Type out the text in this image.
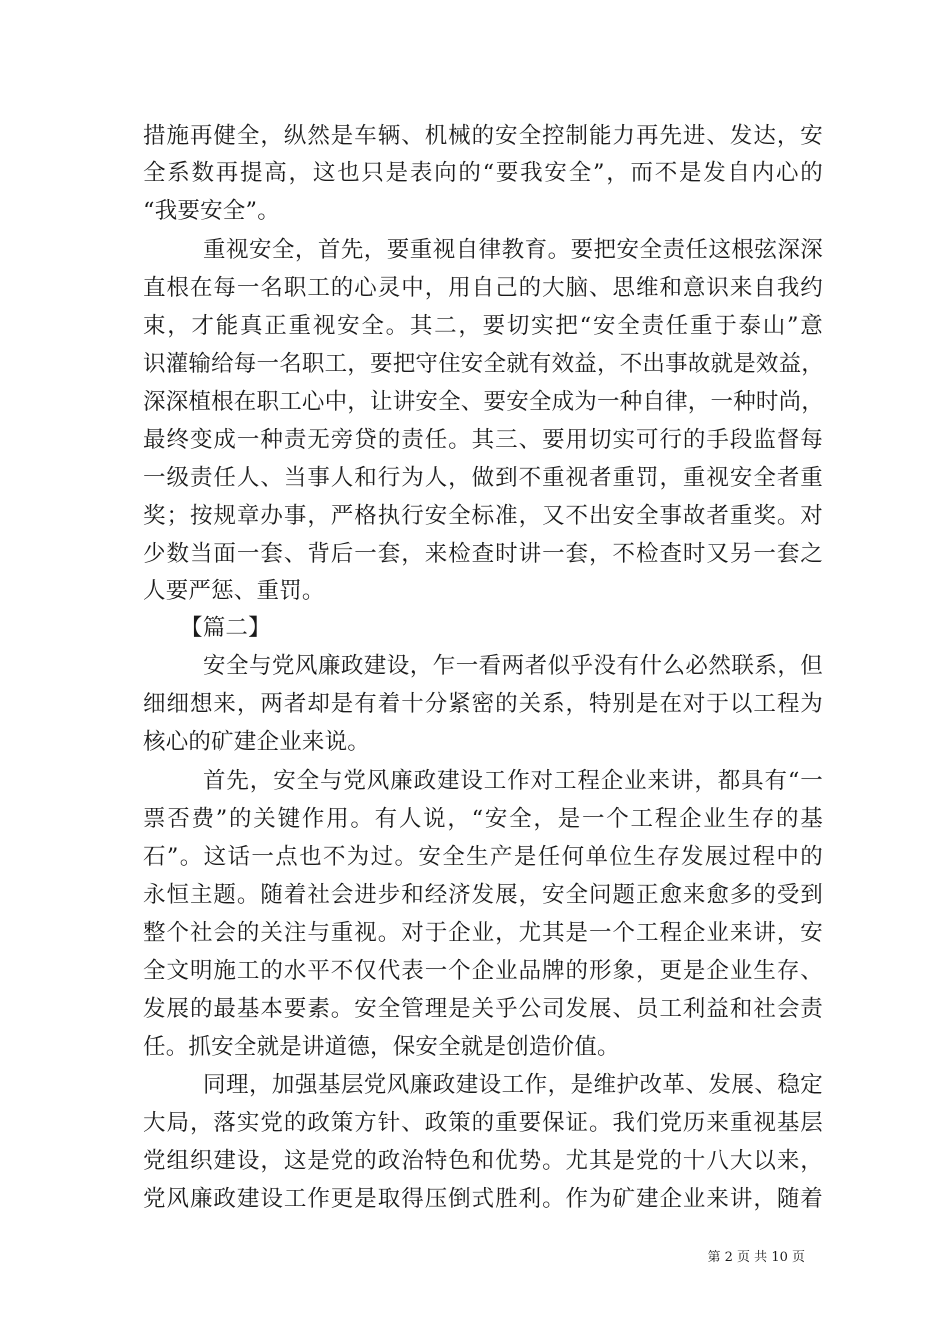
措施再健全，纵然是车辆、机械的安全控制能力再先进、发达，安
全系数再提高，这也只是表向的“要我安全”，而不是发自内心的
“我要安全”。
重视安全，首先，要重视自律教育。要把安全责任这根弦深深
直根在每一名职工的心灵中，用自己的大脑、思维和意识来自我约
束，才能真正重视安全。其二，要切实把“安全责任重于泰山”意
识灌输给每一名职工，要把守住安全就有效益，不出事故就是效益，
深深植根在职工心中，让讲安全、要安全成为一种自律，一种时尚，
最终变成一种责无旁贷的责任。其三、要用切实可行的手段监督每
一级责任人、当事人和行为人，做到不重视者重罚，重视安全者重
奖；按规章办事，严格执行安全标准，又不出安全事故者重奖。对
少数当面一套、背后一套，来检查时讲一套，不检查时又另一套之
人要严惩、重罚。
【篇二】
安全与党风廉政建设，乍一看两者似乎没有什么必然联系，但
细细想来，两者却是有着十分紧密的关系，特别是在对于以工程为
核心的矿建企业来说。
首先，安全与党风廉政建设工作对工程企业来讲，都具有“一
票否费”的关键作用。有人说，“安全，是一个工程企业生存的基
石”。这话一点也不为过。安全生产是任何单位生存发展过程中的
永恒主题。随着社会进步和经济发展，安全问题正愈来愈多的受到
整个社会的关注与重视。对于企业，尤其是一个工程企业来讲，安
全文明施工的水平不仅代表一个企业品牌的形象，更是企业生存、
发展的最基本要素。安全管理是关乎公司发展、员工利益和社会责
任。抓安全就是讲道德，保安全就是创造价值。
同理，加强基层党风廉政建设工作，是维护改革、发展、稳定
大局，落实党的政策方针、政策的重要保证。我们党历来重视基层
党组织建设，这是党的政治特色和优势。尤其是党的十八大以来，
党风廉政建设工作更是取得压倒式胜利。作为矿建企业来讲，随着
第 2 页 共 10 页
